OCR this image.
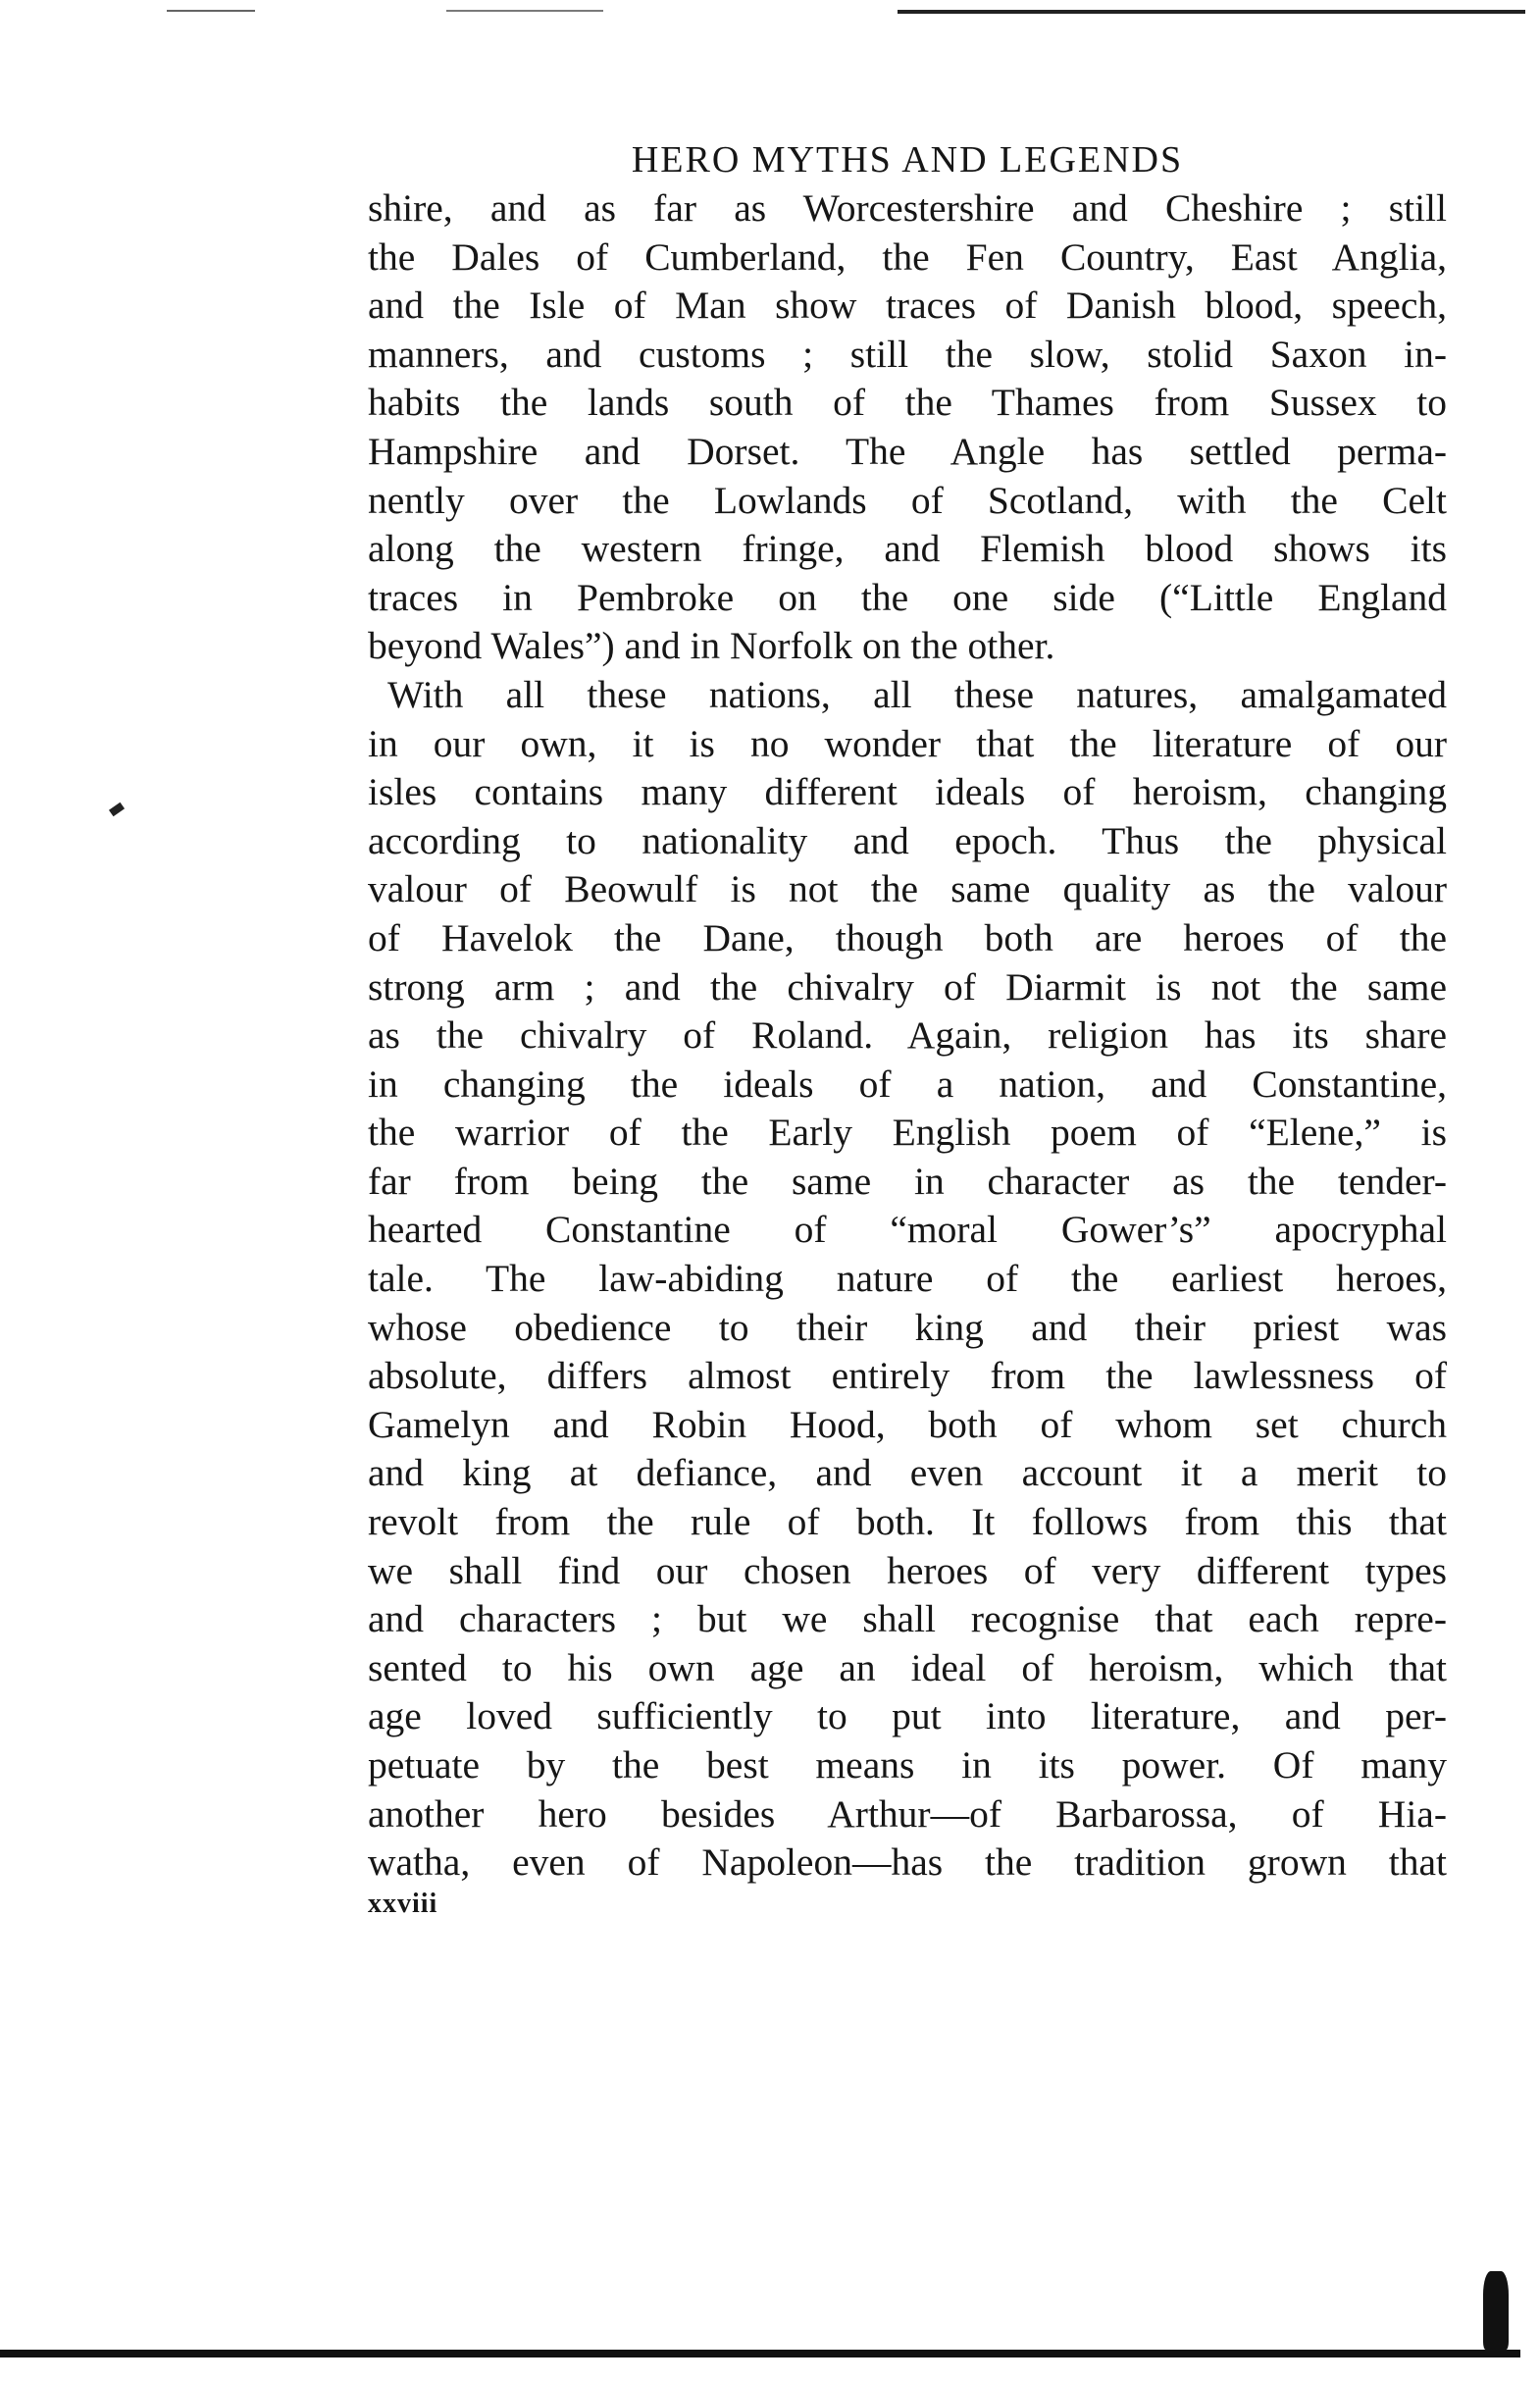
HERO MYTHS AND LEGENDS
shire, and as far as Worcestershire and Cheshire ; still
the Dales of Cumberland, the Fen Country, East Anglia,
and the Isle of Man show traces of Danish blood, speech,
manners, and customs ; still the slow, stolid Saxon in-
habits the lands south of the Thames from Sussex to
Hampshire and Dorset. The Angle has settled perma-
nently over the Lowlands of Scotland, with the Celt
along the western fringe, and Flemish blood shows its
traces in Pembroke on the one side (“Little England
beyond Wales”) and in Norfolk on the other.
With all these nations, all these natures, amalgamated
in our own, it is no wonder that the literature of our
isles contains many different ideals of heroism, changing
according to nationality and epoch. Thus the physical
valour of Beowulf is not the same quality as the valour
of Havelok the Dane, though both are heroes of the
strong arm ; and the chivalry of Diarmit is not the same
as the chivalry of Roland. Again, religion has its share
in changing the ideals of a nation, and Constantine,
the warrior of the Early English poem of “Elene,” is
far from being the same in character as the tender-
hearted Constantine of “moral Gower’s” apocryphal
tale. The law-abiding nature of the earliest heroes,
whose obedience to their king and their priest was
absolute, differs almost entirely from the lawlessness of
Gamelyn and Robin Hood, both of whom set church
and king at defiance, and even account it a merit to
revolt from the rule of both. It follows from this that
we shall find our chosen heroes of very different types
and characters ; but we shall recognise that each repre-
sented to his own age an ideal of heroism, which that
age loved sufficiently to put into literature, and per-
petuate by the best means in its power. Of many
another hero besides Arthur—of Barbarossa, of Hia-
watha, even of Napoleon—has the tradition grown that
xxviii
